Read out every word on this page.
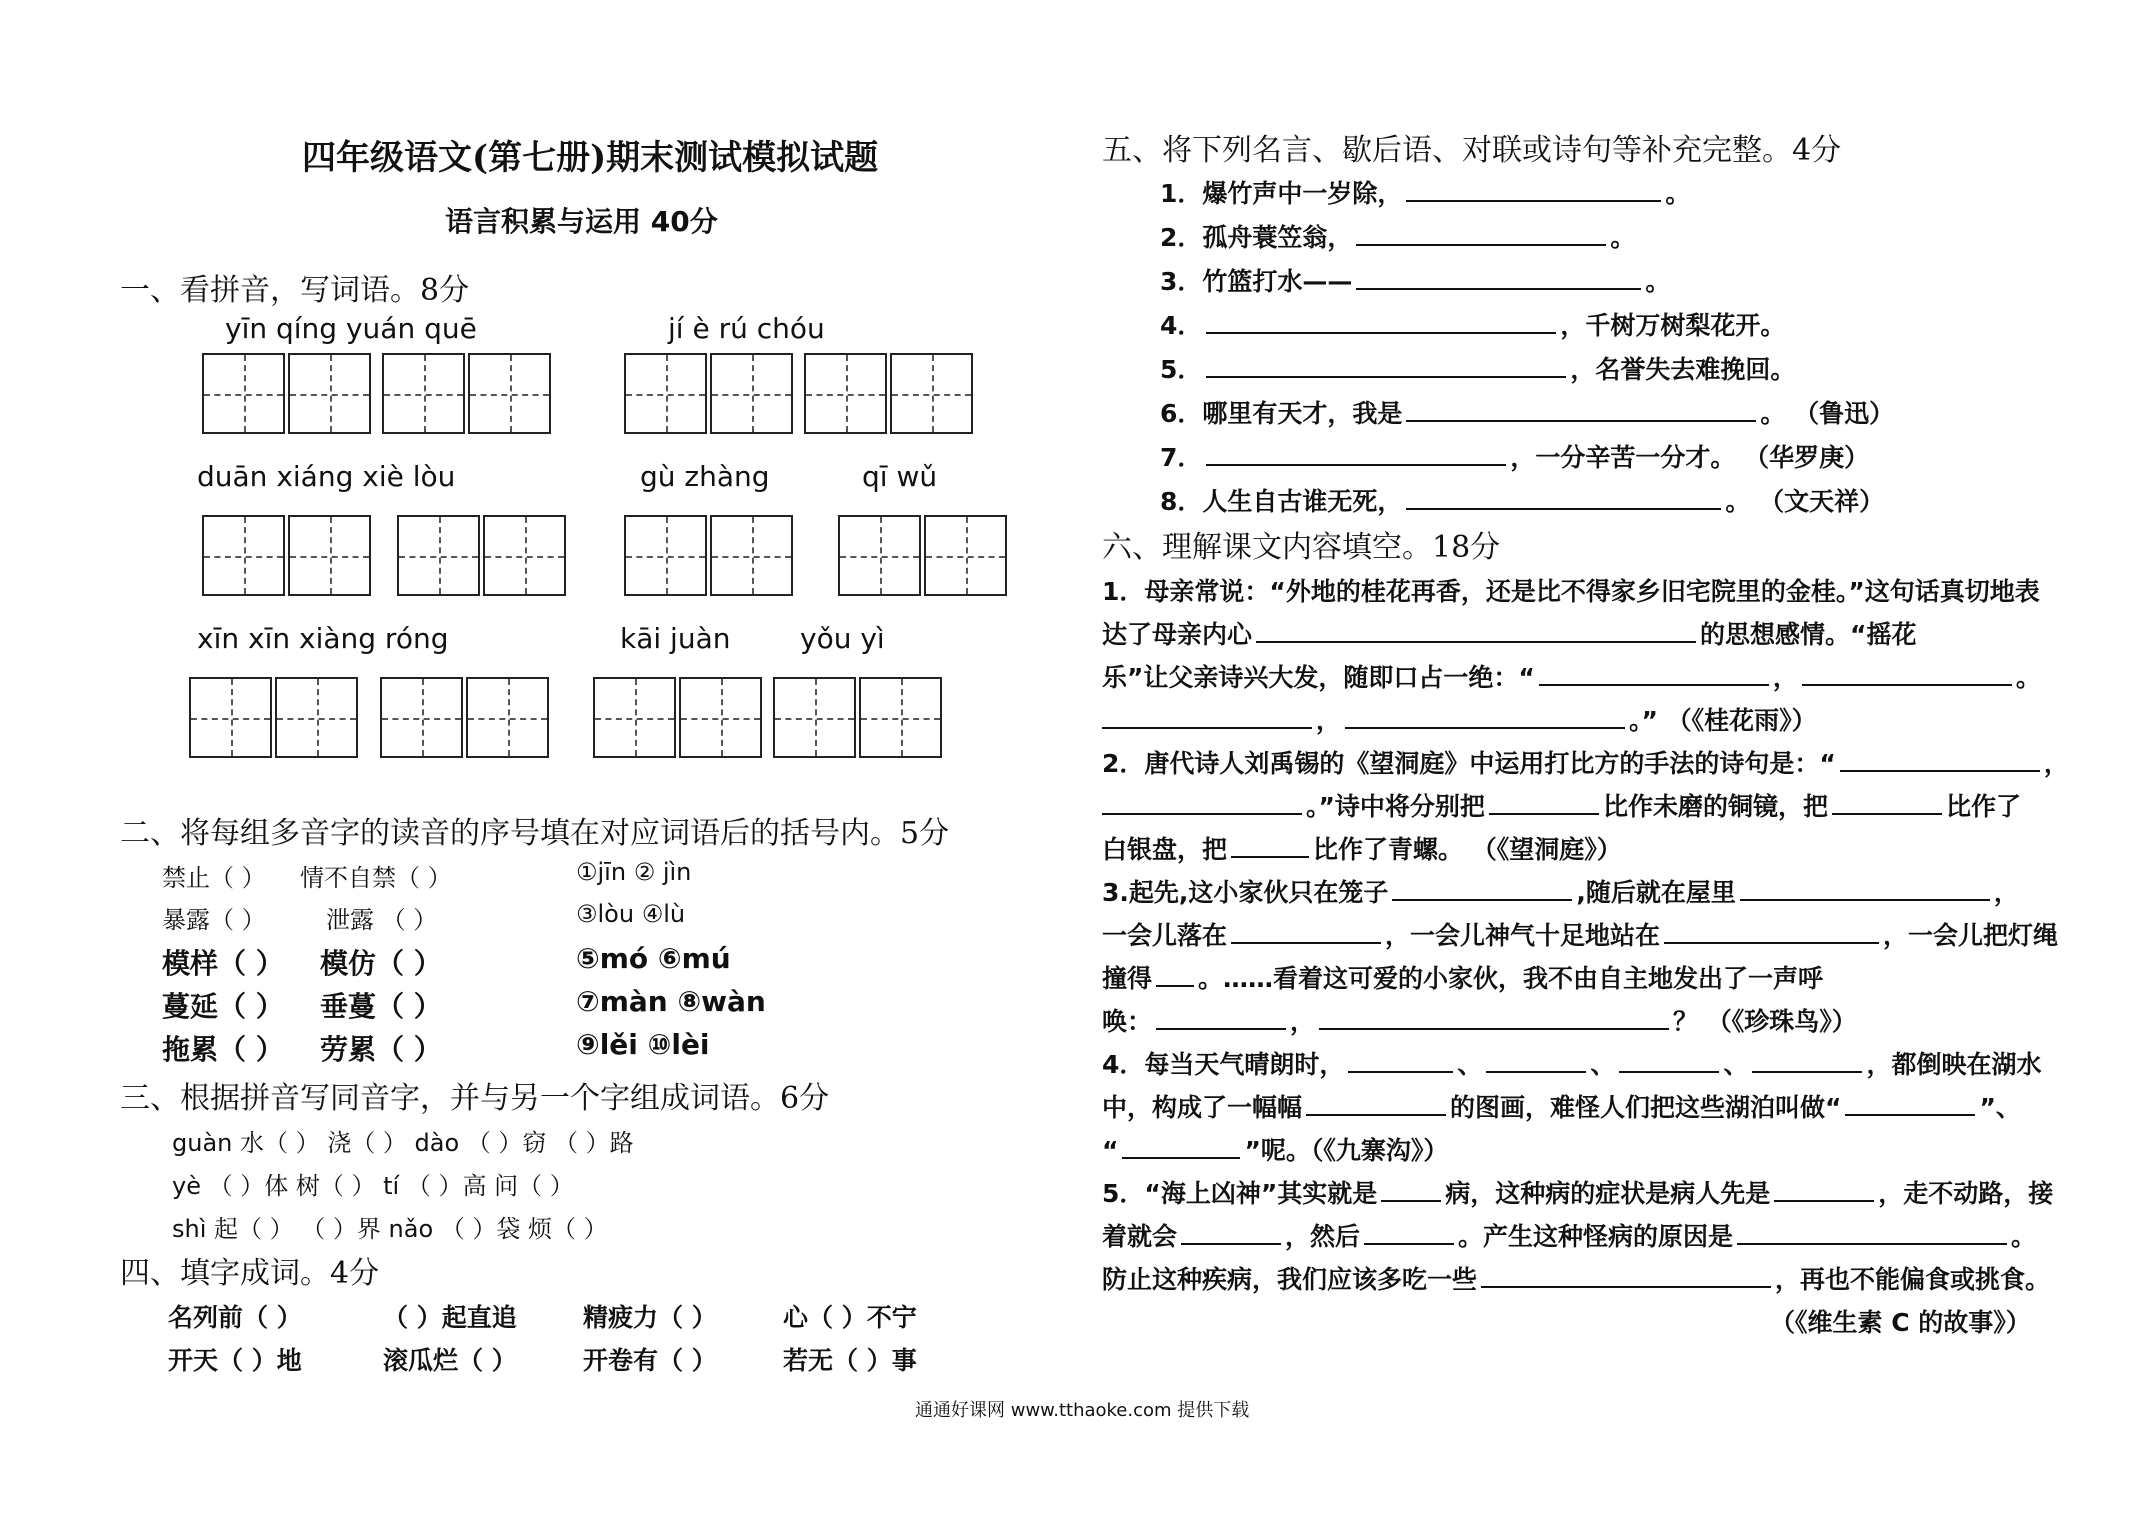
四年级语文(第七册)期末测试模拟试题
语言积累与运用 40分
一、看拼音，写词语。8分
yīn qíng yuán quē	jí è rú chóu
duān xiáng xiè lòu	gù zhàng	qī wǔ
xīn xīn xiàng róng	kāi juàn yǒu yì
二、将每组多音字的读音的序号填在对应词语后的括号内。5分
禁止（ ） 情不自禁（ ）	①jīn ② jìn
暴露（ ）	泄露 （ ）	③lòu ④lù
模样（ ） 模仿（ ）	⑤mó ⑥mú
蔓延（ ） 垂蔓（ ）	⑦màn ⑧wàn
拖累（ ） 劳累（ ）	⑨lěi ⑩lèi
三、根据拼音写同音字，并与另一个字组成词语。6分
guàn 水（ ） 浇（ ） dào （ ）窃 （ ）路
yè （ ）体 树（ ） tí （ ）高 问（ ）
shì 起（ ） （ ）界 nǎo （ ）袋 烦（ ）
四、填字成词。4分
名列前（ ）	（ ）起直追	精疲力（ ）	心（ ）不宁
开天（ ）地	滚瓜烂（ ）	开卷有（ ）	若无（ ）事
五、将下列名言、歇后语、对联或诗句等补充完整。4分
1．爆竹声中一岁除，	。
2．孤舟蓑笠翁，	。
3．竹篮打水——	。
4．	，千树万树梨花开。
5．	，名誉失去难挽回。
6．哪里有天才，我是	。 （鲁迅）
7．	，一分辛苦一分才。 （华罗庚）
8．人生自古谁无死，	。 （文天祥）
六、理解课文内容填空。18分
1．母亲常说：“外地的桂花再香，还是比不得家乡旧宅院里的金桂。”这句话真切地表
达了母亲内心	的思想感情。“摇花
乐”让父亲诗兴大发，随即口占一绝：“	，	。
，	。” （《桂花雨》）
2．唐代诗人刘禹锡的《望洞庭》中运用打比方的手法的诗句是：“	，
。”诗中将分别把	比作未磨的铜镜，把	比作了
白银盘，把	比作了青螺。 （《望洞庭》）
3.起先,这小家伙只在笼子	,随后就在屋里	，
一会儿落在	，一会儿神气十足地站在	，一会儿把灯绳
撞得 。……看着这可爱的小家伙，我不由自主地发出了一声呼
唤：	，	？ （《珍珠鸟》）
4．每当天气晴朗时，	、	、	、	，都倒映在湖水
中，构成了一幅幅	的图画，难怪人们把这些湖泊叫做“	”、
“	”呢。（《九寨沟》）
5．“海上凶神”其实就是	病，这种病的症状是病人先是	，走不动路，接
着就会	，然后	。产生这种怪病的原因是	。
防止这种疾病，我们应该多吃一些	，再也不能偏食或挑食。
（《维生素 C 的故事》）
通通好课网 www.tthaoke.com 提供下载
